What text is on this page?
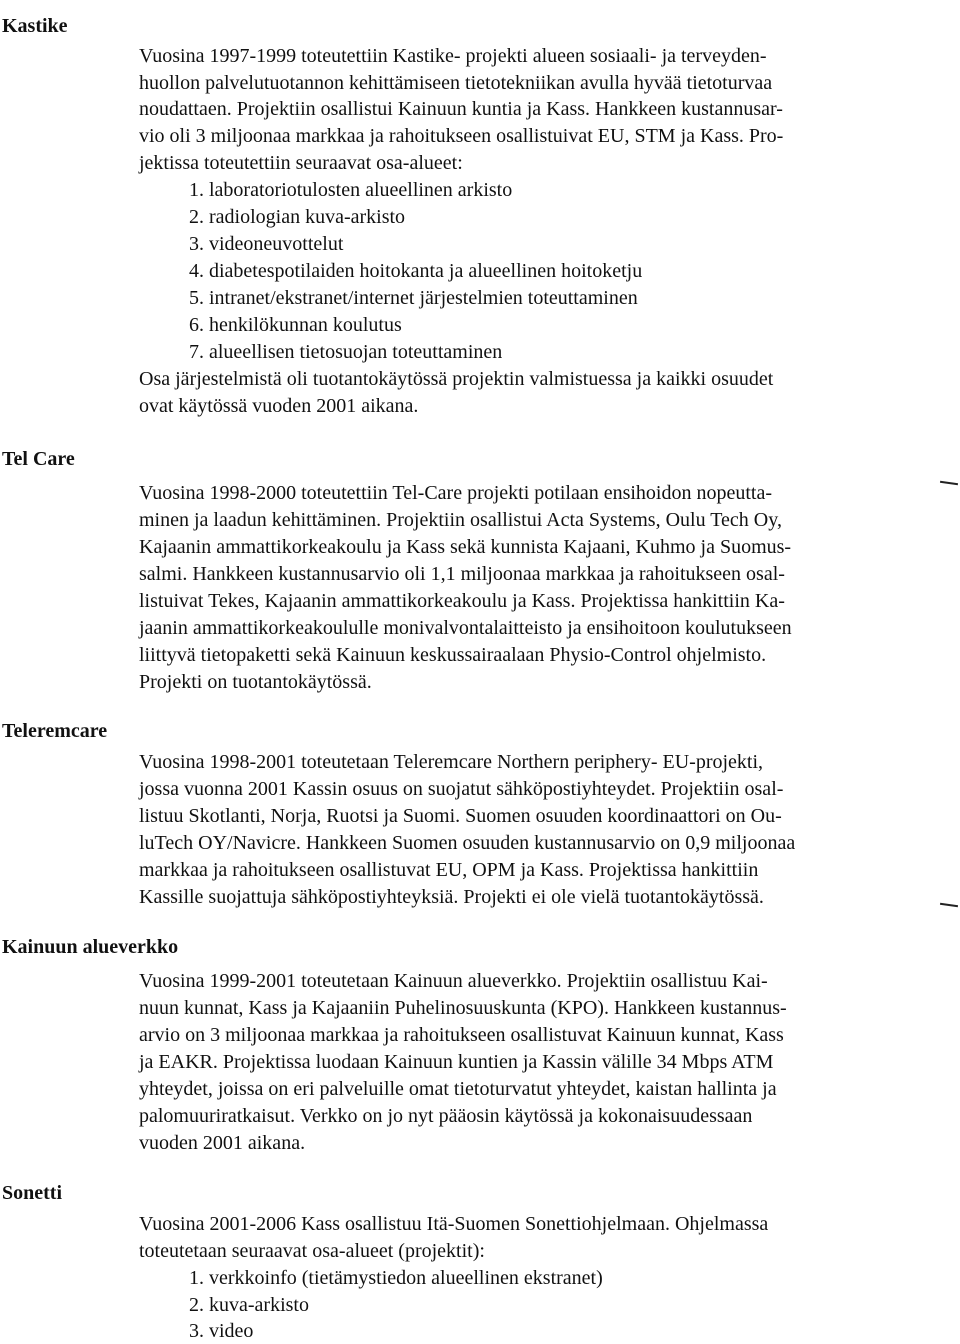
Kastike
Tel Care
Teleremcare
Kainuun alueverkko
Sonetti
Vuosina 1997-1999 toteutettiin Kastike- projekti alueen sosiaali- ja terveyden-
huollon palvelutuotannon kehittämiseen tietotekniikan avulla hyvää tietoturvaa
noudattaen. Projektiin osallistui Kainuun kuntia ja Kass. Hankkeen kustannusar-
vio oli 3 miljoonaa markkaa ja rahoitukseen osallistuivat EU, STM ja Kass. Pro-
jektissa toteutettiin seuraavat osa-alueet:
1. laboratoriotulosten alueellinen arkisto
2. radiologian kuva-arkisto
3. videoneuvottelut
4. diabetespotilaiden hoitokanta ja alueellinen hoitoketju
5. intranet/ekstranet/internet järjestelmien toteuttaminen
6. henkilökunnan koulutus
7. alueellisen tietosuojan toteuttaminen
Osa järjestelmistä oli tuotantokäytössä projektin valmistuessa ja kaikki osuudet
ovat käytössä vuoden 2001 aikana.
Vuosina 1998-2000 toteutettiin Tel-Care projekti potilaan ensihoidon nopeutta-
minen ja laadun kehittäminen. Projektiin osallistui Acta Systems, Oulu Tech Oy,
Kajaanin ammattikorkeakoulu ja Kass sekä kunnista Kajaani, Kuhmo ja Suomus-
salmi. Hankkeen kustannusarvio oli 1,1 miljoonaa markkaa ja rahoitukseen osal-
listuivat Tekes, Kajaanin ammattikorkeakoulu ja Kass. Projektissa hankittiin Ka-
jaanin ammattikorkeakoululle monivalvontalaitteisto ja ensihoitoon koulutukseen
liittyvä tietopaketti sekä Kainuun keskussairaalaan Physio-Control ohjelmisto.
Projekti on tuotantokäytössä.
Vuosina 1998-2001 toteutetaan Teleremcare Northern periphery- EU-projekti,
jossa vuonna 2001 Kassin osuus on suojatut sähköpostiyhteydet. Projektiin osal-
listuu Skotlanti, Norja, Ruotsi ja Suomi. Suomen osuuden koordinaattori on Ou-
luTech OY/Navicre. Hankkeen Suomen osuuden kustannusarvio on 0,9 miljoonaa
markkaa ja rahoitukseen osallistuvat EU, OPM ja Kass. Projektissa hankittiin
Kassille suojattuja sähköpostiyhteyksiä. Projekti ei ole vielä tuotantokäytössä.
Vuosina 1999-2001 toteutetaan Kainuun alueverkko. Projektiin osallistuu Kai-
nuun kunnat, Kass ja Kajaaniin Puhelinosuuskunta (KPO). Hankkeen kustannus-
arvio on 3 miljoonaa markkaa ja rahoitukseen osallistuvat Kainuun kunnat, Kass
ja EAKR. Projektissa luodaan Kainuun kuntien ja Kassin välille 34 Mbps ATM
yhteydet, joissa on eri palveluille omat tietoturvatut yhteydet, kaistan hallinta ja
palomuuriratkaisut. Verkko on jo nyt pääosin käytössä ja kokonaisuudessaan
vuoden 2001 aikana.
Vuosina 2001-2006 Kass osallistuu Itä-Suomen Sonettiohjelmaan. Ohjelmassa
toteutetaan seuraavat osa-alueet (projektit):
1. verkkoinfo (tietämystiedon alueellinen ekstranet)
2. kuva-arkisto
3. video
